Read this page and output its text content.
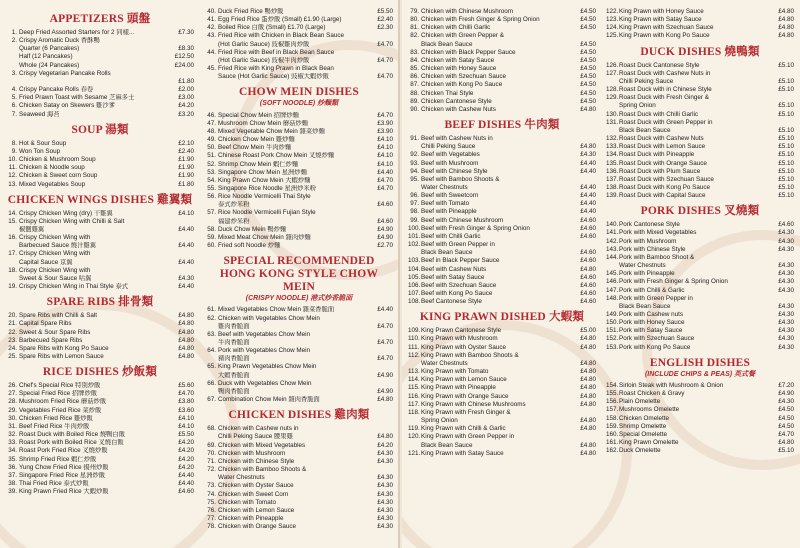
APPETIZERS 頭盤
1. Deep Fried Assorted Starters for 2 同樣...	£7.30
2. Crispy Aromatic Duck 香酥鴨
Quarter (6 Pancakes)	£8.30
Half (12 Pancakes)	£12.50
Whole (24 Pancakes)	£24.00
3. Crispy Vegetarian Pancake Rolls
£1.80
4. Crispy Pancake Rolls 春卷	£2.00
5. Fried Prawn Toast with Sesame 芝麻多士	£3.00
6. Chicken Satay on Skewers 雞沙爹	£4.20
7. Seaweed 海苔	£3.20
SOUP 湯類
8. Hot & Sour Soup	£2.10
9. Won Ton Soup	£2.40
10. Chicken & Mushroom Soup	£1.90
11. Chicken & Noodle soup	£1.90
12. Chicken & Sweet corn Soup	£1.90
13. Mixed Vegetables Soup	£1.80
CHICKEN WINGS DISHES 雞翼類
14. Crispy Chicken Wing (dry) 干雞翼	£4.10
15. Crispy Chicken Wing with Chilli & Salt
椒鹽雞翼	£4.40
16. Crispy Chicken Wing with
Barbecued Sauce 燒汁雞翼	£4.40
17. Crispy Chicken Wing with
Capital Sauce 京翼	£4.40
18. Crispy Chicken Wing with
Sweet & Sour Sauce 咕翼	£4.30
19. Crispy Chicken Wing in Thai Style 泰式	£4.40
SPARE RIBS 排骨類
20. Spare Ribs with Chilli & Salt	£4.80
21. Capital Spare Ribs	£4.80
22. Sweet & Sour Spare Ribs	£4.80
23. Barbecued Spare Ribs	£4.80
24. Spare Ribs with Kong Po Sauce	£4.80
25. Spare Ribs with Lemon Sauce	£4.80
RICE DISHES 炒飯類
26. Chef's Special Rice 特別炒飯	£5.60
27. Special Fried Rice 招牌炒飯	£4.70
28. Mushroom Fried Rice 蘑菇炒飯	£3.80
29. Vegetables Fried Rice 菜炒飯	£3.60
30. Chicken Fried Rice 雞炒飯	£4.10
31. Beef Fried Rice 牛肉炒飯	£4.10
32. Roast Duck with Boiled Rice 燒鴨白飯	£5.50
33. Roast Pork with Boiled Rice 叉燒白飯	£4.20
34. Roast Pork Fried Rice 叉燒炒飯	£4.20
35. Shrimp Fried Rice 蝦仁炒飯	£4.20
36. Yung Chow Fried Rice 揚州炒飯	£4.20
37. Singapore Fried Rice 星洲炒飯	£4.40
38. Thai Fried Rice 泰式炒飯	£4.40
39. King Prawn Fried Rice 大蝦炒飯	£4.60
40. Duck Fried Rice 鴨炒飯	£5.50
41. Egg Fried Rice 蛋炒飯 (Small) £1.90 (Large)	£2.40
42. Boiled Rice 白飯 (Small) £1.70 (Large)	£2.30
43. Fried Rice with Chicken in Black Bean Sauce
(Hot Garlic Sauce) 豉椒雞肉炒飯	£4.70
44. Fried Rice with Beef in Black Bean Sauce
(Hot Garlic Sauce) 豉椒牛肉炒飯	£4.70
45. Fried Rice with King Prawn in Black Bean
Sauce (Hot Garlic Sauce) 豉椒大蝦炒飯	£4.70
CHOW MEIN DISHES
(SOFT NOODLE) 炒麵類
46. Special Chow Mein 招牌炒麵	£4.70
47. Mushroom Chow Mein 蘑菇炒麵	£3.90
48. Mixed Vegetable Chow Mein 雜菜炒麵	£3.90
49. Chicken Chow Mein 雞炒麵	£4.10
50. Beef Chow Mein 牛肉炒麵	£4.10
51. Chinese Roast Pork Chow Mein 叉燒炒麵	£4.10
52. Shrimp Chow Mein 蝦仁炒麵	£4.10
53. Singapore Chow Mein 星洲炒麵	£4.40
54. King Prawn Chow Mein 大蝦炒麵	£4.70
55. Singapore Rice Noodle 星洲炒米粉	£4.70
56. Rice Noodle Vermicelli Thai Style
泰式炒米粉	£4.60
57. Rice Noodle Vermicelli Fujian Style
福建炒米粉	£4.60
58. Duck Chow Mein 鴨炒麵	£4.90
59. Mixed Meat Chow Mein 雜肉炒麵	£4.90
60. Fried soft Noodle 炒麵	£2.70
SPECIAL RECOMMENDED HONG KONG STYLE CHOW MEIN
(CRISPY NOODLE) 港式炒香脆面
61. Mixed Vegetables Chow Mein 雜菜香脆面	£4.40
62. Chicken with Vegetables Chow Mein
雞肉香脆面	£4.70
63. Beef with Vegetables Chow Mein
牛肉香脆面	£4.70
64. Pork with Vegetables Chow Mein
豬肉香脆面	£4.70
65. King Prawn Vegetables Chow Mein
大蝦香脆面	£4.90
66. Duck with Vegetables Chow Mein
鴨肉香脆面	£4.90
67. Combination Chow Mein 雜肉香脆面	£4.80
CHICKEN DISHES 雞肉類
68. Chicken with Cashew nuts in
Chilli Peking Sauce 腰果雞	£4.80
69. Chicken with Mixed Vegetables	£4.20
70. Chicken with Mushroom	£4.30
71. Chicken with Chinese Style	£4.30
72. Chicken with Bamboo Shoots &
Water Chestnuts	£4.30
73. Chicken with Oyster Sauce	£4.30
74. Chicken with Sweet Corn	£4.30
75. Chicken with Tomato	£4.30
76. Chicken with Lemon Sauce	£4.30
77. Chicken with Pineapple	£4.30
78. Chicken with Orange Sauce	£4.30
79. Chicken with Chinese Mushroom	£4.50
80. Chicken with Fresh Ginger & Spring Onion	£4.50
81. Chicken with Chilli Garlic	£4.50
82. Chicken with Green Pepper &
Black Bean Sauce	£4.50
83. Chicken with Black Pepper Sauce	£4.50
84. Chicken with Satay Sauce	£4.50
85. Chicken with Honey Sauce	£4.50
86. Chicken with Szechuan Sauce	£4.50
87. Chicken with Kong Po Sauce	£4.50
88. Chicken Thai Style	£4.50
89. Chicken Cantonese Style	£4.50
90. Chicken with Cashew Nuts	£4.80
BEEF DISHES 牛肉類
91. Beef with Cashew Nuts in
Chilli Peking Sauce	£4.80
92. Beef with Vegetables	£4.30
93. Beef with Mushroom	£4.40
94. Beef with Chinese Style	£4.40
95. Beef with Bamboo Shoots &
Water Chestnuts	£4.40
96. Beef with Sweetcorn	£4.40
97. Beef with Tomato	£4.40
98. Beef with Pineapple	£4.40
99. Beef with Chinese Mushroom	£4.60
100. Beef with Fresh Ginger & Spring Onion	£4.60
101. Beef with Chilli Garlic	£4.60
102. Beef with Green Pepper in
Black Bean Sauce	£4.60
103. Beef in Black Pepper Sauce	£4.60
104. Beef with Cashew Nuts	£4.80
105. Beef with Satay Sauce	£4.60
106. Beef with Szechuan Sauce	£4.60
107. Beef with Kong Po Sauce	£4.60
108. Beef Cantonese Style	£4.60
KING PRAWN DISHED 大蝦類
109. King Prawn Cantonese Style	£5.00
110. King Prawn with Mushroom	£4.80
111. King Prawn with Oyster Sauce	£4.80
112. King Prawn with Bamboo Shoots &
Water Chestnuts	£4.80
113. King Prawn with Tomato	£4.80
114. King Prawn with Lemon Sauce	£4.80
115. King Prawn with Pineapple	£4.80
116. King Prawn with Orange Sauce	£4.80
117. King Prawn with Chinese Mushrooms	£4.80
118. King Prawn with Fresh Ginger &
Spring Onion	£4.80
119. King Prawn with Chilli & Garlic	£4.80
120. King Prawn with Green Pepper in
Black Bean Sauce	£4.80
121. King Prawn with Satay Sauce	£4.80
122. King Prawn with Honey Sauce	£4.80
123. King Prawn with Satay Sauce	£4.80
124. King Prawn with Szechuan Sauce	£4.80
125. King Prawn with Kong Po Sauce	£4.80
DUCK DISHES 燒鴨類
126. Roast Duck Cantonese Style	£5.10
127. Roast Duck with Cashew Nuts in
Chilli Peking Sauce	£5.10
128. Roast Duck with in Chinese Style	£5.10
129. Roast Duck with Fresh Ginger &
Spring Onion	£5.10
130. Roast Duck with Chilli Garlic	£5.10
131. Roast Duck with Green Pepper in
Black Bean Sauce	£5.10
132. Roast Duck with Cashew Nuts	£5.10
133. Roast Duck with Lemon Sauce	£5.10
134. Roast Duck with Pineapple	£5.10
135. Roast Duck with Orange Sauce	£5.10
136. Roast Duck with Plum Sauce	£5.10
137. Roast Duck with Szechuan Sauce	£5.10
138. Roast Duck with Kong Po Sauce	£5.10
139. Roast Duck with Capital Sauce	£5.10
PORK DISHES 叉燒類
140. Pork Cantonese Style	£4.60
141. Pork with Mixed Vegetables	£4.30
142. Pork with Mushroom	£4.30
143. Pork with Chinese Style	£4.30
144. Pork with Bamboo Shoot &
Water Chestnuts	£4.30
145. Pork with Pineapple	£4.30
146. Pork with Fresh Ginger & Spring Onion	£4.30
147. Pork with Chilli & Garlic	£4.30
148. Pork with Green Pepper in
Black Bean Sauce	£4.30
149. Pork with Cashew nuts	£4.30
150. Pork with Honey Sauce	£4.30
151. Pork with Satay Sauce	£4.30
152. Pork with Szechuan Sauce	£4.30
153. Pork with Kong Po Sauce	£4.30
ENGLISH DISHES
(INCLUDE CHIPS & PEAS) 英式餐
154. Sirloin Steak with Mushroom & Onion	£7.20
155. Roast Chicken & Gravy	£4.90
156. Plain Omelette	£4.30
157. Mushrooms Omelette	£4.50
158. Chicken Omelette	£4.50
159. Shrimp Omelette	£4.50
160. Special Omelette	£4.70
161. King Prawn Omelette	£4.80
162. Duck Omelette	£5.10
